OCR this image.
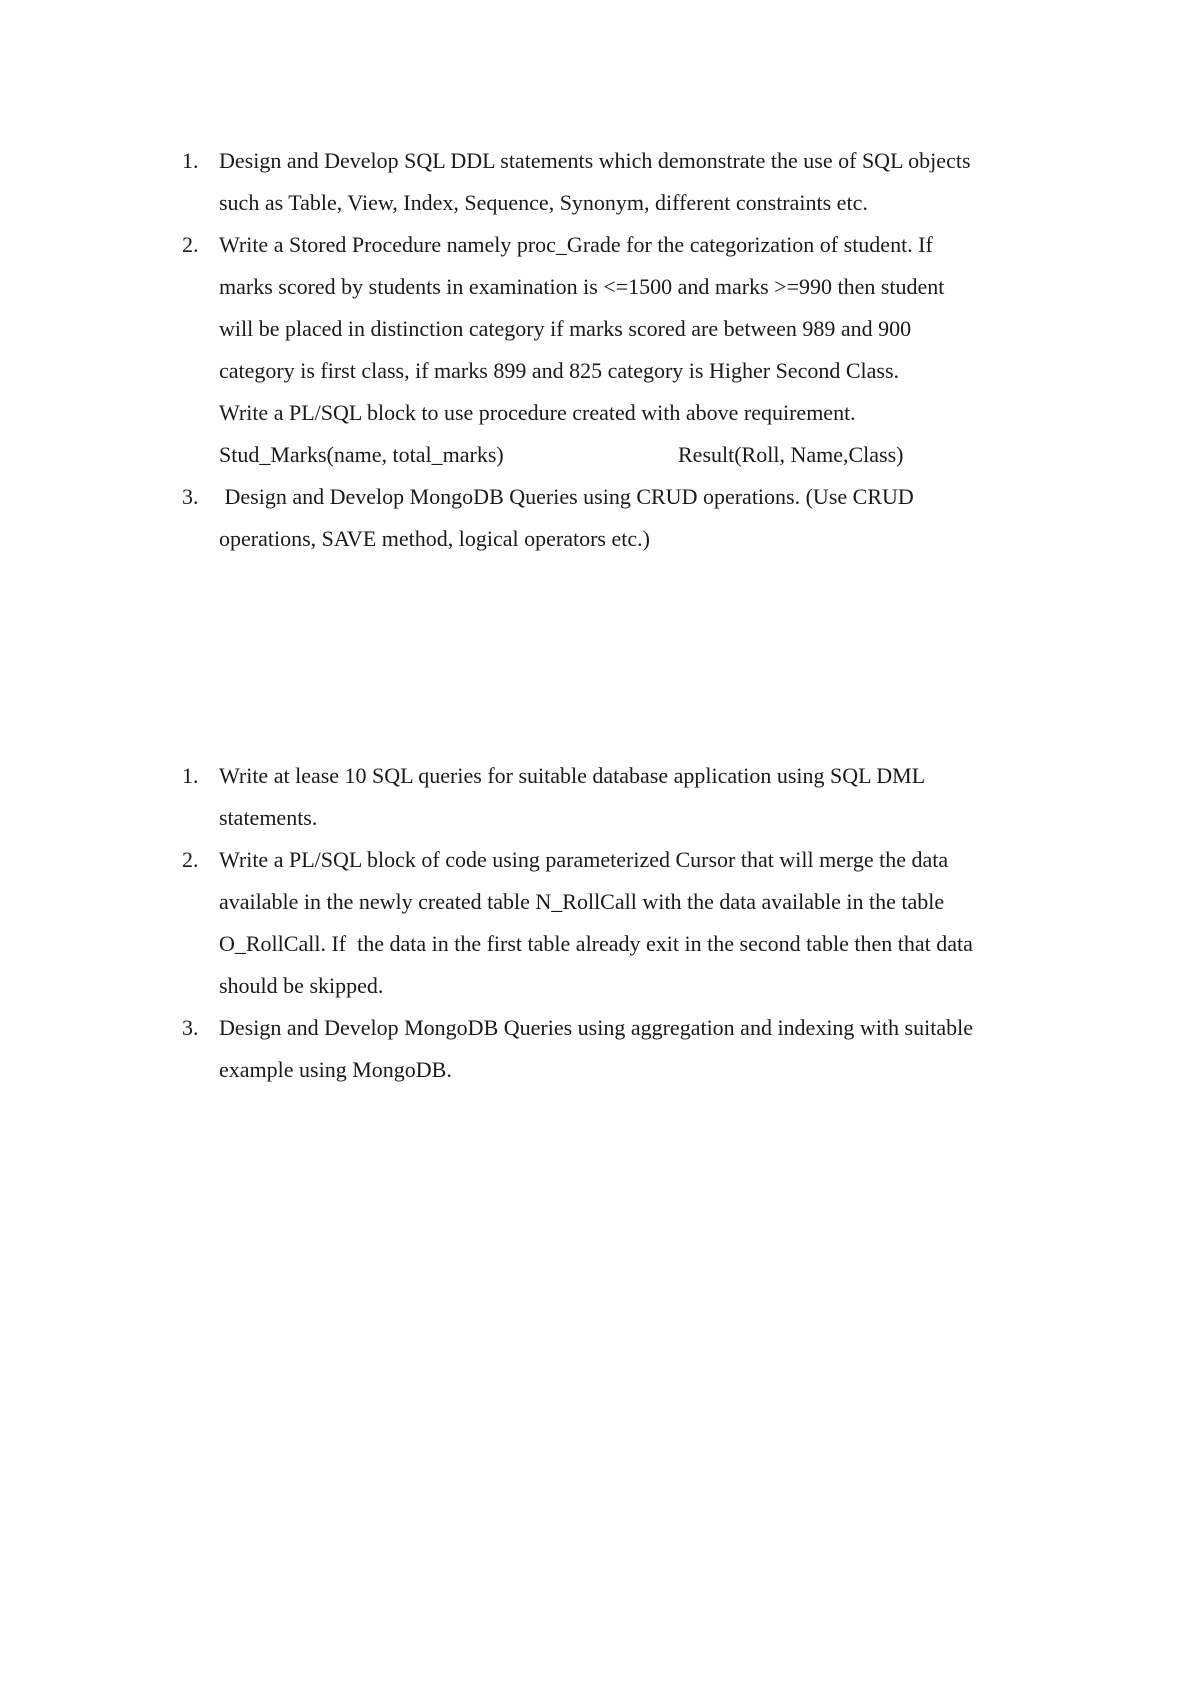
1. Design and Develop SQL DDL statements which demonstrate the use of SQL objects
such as Table, View, Index, Sequence, Synonym, different constraints etc.
2. Write a Stored Procedure namely proc_Grade for the categorization of student. If
marks scored by students in examination is <=1500 and marks >=990 then student
will be placed in distinction category if marks scored are between 989 and 900
category is first class, if marks 899 and 825 category is Higher Second Class.
Write a PL/SQL block to use procedure created with above requirement.
Stud_Marks(name, total_marks)	Result(Roll, Name,Class)
3. Design and Develop MongoDB Queries using CRUD operations. (Use CRUD
operations, SAVE method, logical operators etc.)
1. Write at lease 10 SQL queries for suitable database application using SQL DML
statements.
2. Write a PL/SQL block of code using parameterized Cursor that will merge the data
available in the newly created table N_RollCall with the data available in the table
O_RollCall. If  the data in the first table already exit in the second table then that data
should be skipped.
3. Design and Develop MongoDB Queries using aggregation and indexing with suitable
example using MongoDB.
